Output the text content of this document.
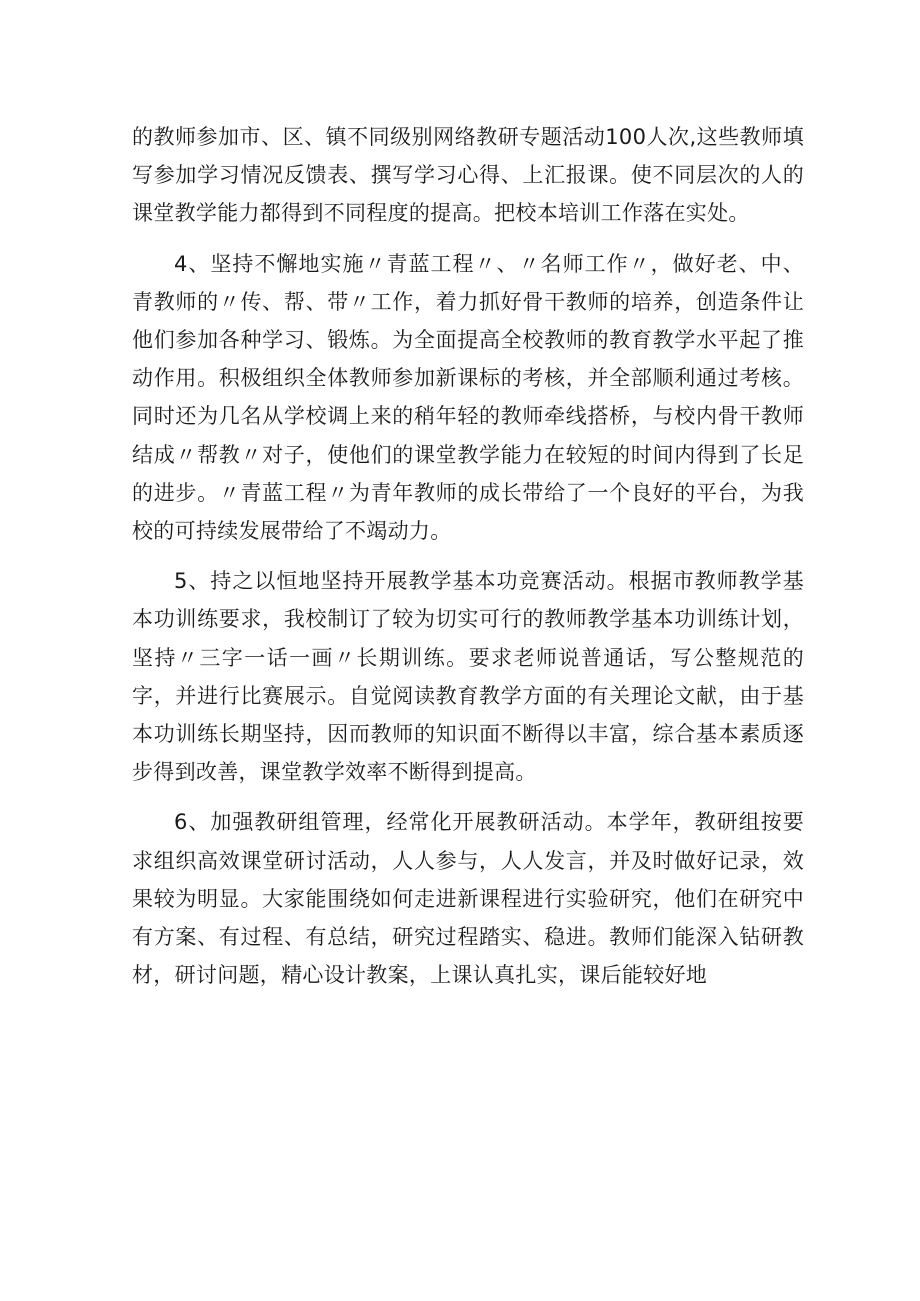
的教师参加市、区、镇不同级别网络教研专题活动100人次,这些教师填写参加学习情况反馈表、撰写学习心得、上汇报课。使不同层次的人的课堂教学能力都得到不同程度的提高。把校本培训工作落在实处。

4、坚持不懈地实施〃青蓝工程〃、〃名师工作〃，做好老、中、青教师的〃传、帮、带〃工作，着力抓好骨干教师的培养，创造条件让他们参加各种学习、锻炼。为全面提高全校教师的教育教学水平起了推动作用。积极组织全体教师参加新课标的考核，并全部顺利通过考核。同时还为几名从学校调上来的稍年轻的教师牵线搭桥，与校内骨干教师结成〃帮教〃对子，使他们的课堂教学能力在较短的时间内得到了长足的进步。〃青蓝工程〃为青年教师的成长带给了一个良好的平台，为我校的可持续发展带给了不竭动力。

5、持之以恒地坚持开展教学基本功竞赛活动。根据市教师教学基本功训练要求，我校制订了较为切实可行的教师教学基本功训练计划，坚持〃三字一话一画〃长期训练。要求老师说普通话，写公整规范的字，并进行比赛展示。自觉阅读教育教学方面的有关理论文献，由于基本功训练长期坚持，因而教师的知识面不断得以丰富，综合基本素质逐步得到改善，课堂教学效率不断得到提高。

6、加强教研组管理，经常化开展教研活动。本学年，教研组按要求组织高效课堂研讨活动，人人参与，人人发言，并及时做好记录，效果较为明显。大家能围绕如何走进新课程进行实验研究，他们在研究中有方案、有过程、有总结，研究过程踏实、稳进。教师们能深入钻研教材，研讨问题，精心设计教案，上课认真扎实，课后能较好地
